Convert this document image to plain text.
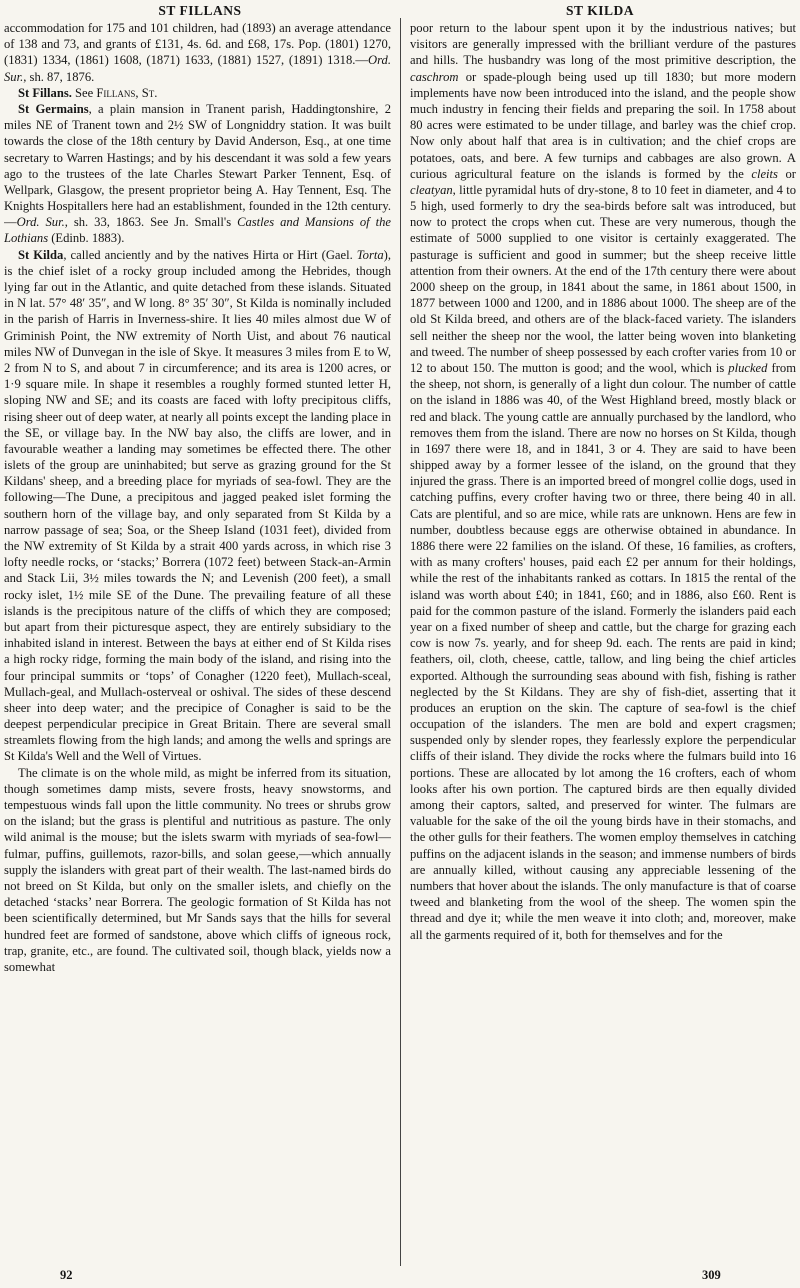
ST FILLANS	ST KILDA

accommodation for 175 and 101 children, had (1893) an average attendance of 138 and 73, and grants of £131, 4s. 6d. and £68, 17s. Pop. (1801) 1270, (1831) 1334, (1861) 1608, (1871) 1633, (1881) 1527, (1891) 1318.—Ord. Sur., sh. 87, 1876.

St Fillans. See Fillans, St.

St Germains, a plain mansion in Tranent parish, Haddingtonshire, 2 miles NE of Tranent town and 2½ SW of Longniddry station. It was built towards the close of the 18th century by David Anderson, Esq., at one time secretary to Warren Hastings; and by his descendant it was sold a few years ago to the trustees of the late Charles Stewart Parker Tennent, Esq. of Wellpark, Glasgow, the present proprietor being A. Hay Tennent, Esq. The Knights Hospitallers here had an establishment, founded in the 12th century.—Ord. Sur., sh. 33, 1863. See Jn. Small's Castles and Mansions of the Lothians (Edinb. 1883).

St Kilda, called anciently and by the natives Hirta or Hirt (Gael. Torta), is the chief islet of a rocky group included among the Hebrides, though lying far out in the Atlantic, and quite detached from these islands. Situated in N lat. 57° 48′ 35″, and W long. 8° 35′ 30″, St Kilda is nominally included in the parish of Harris in Inverness-shire. It lies 40 miles almost due W of Griminish Point, the NW extremity of North Uist, and about 76 nautical miles NW of Dunvegan in the isle of Skye. It measures 3 miles from E to W, 2 from N to S, and about 7 in circumference; and its area is 1200 acres, or 1·9 square mile. In shape it resembles a roughly formed stunted letter H, sloping NW and SE; and its coasts are faced with lofty precipitous cliffs, rising sheer out of deep water, at nearly all points except the landing place in the SE, or village bay. In the NW bay also, the cliffs are lower, and in favourable weather a landing may sometimes be effected there. The other islets of the group are uninhabited; but serve as grazing ground for the St Kildans' sheep, and a breeding place for myriads of sea-fowl. They are the following—The Dune, a precipitous and jagged peaked islet forming the southern horn of the village bay, and only separated from St Kilda by a narrow passage of sea; Soa, or the Sheep Island (1031 feet), divided from the NW extremity of St Kilda by a strait 400 yards across, in which rise 3 lofty needle rocks, or ‘stacks;’ Borrera (1072 feet) between Stack-an-Armin and Stack Lii, 3½ miles towards the N; and Levenish (200 feet), a small rocky islet, 1½ mile SE of the Dune. The prevailing feature of all these islands is the precipitous nature of the cliffs of which they are composed; but apart from their picturesque aspect, they are entirely subsidiary to the inhabited island in interest. Between the bays at either end of St Kilda rises a high rocky ridge, forming the main body of the island, and rising into the four principal summits or ‘tops’ of Conagher (1220 feet), Mullach-sceal, Mullach-geal, and Mullach-osterveal or oshival. The sides of these descend sheer into deep water; and the precipice of Conagher is said to be the deepest perpendicular precipice in Great Britain. There are several small streamlets flowing from the high lands; and among the wells and springs are St Kilda's Well and the Well of Virtues.

The climate is on the whole mild, as might be inferred from its situation, though sometimes damp mists, severe frosts, heavy snowstorms, and tempestuous winds fall upon the little community. No trees or shrubs grow on the island; but the grass is plentiful and nutritious as pasture. The only wild animal is the mouse; but the islets swarm with myriads of sea-fowl—fulmar, puffins, guillemots, razor-bills, and solan geese,—which annually supply the islanders with great part of their wealth. The last-named birds do not breed on St Kilda, but only on the smaller islets, and chiefly on the detached ‘stacks’ near Borrera. The geologic formation of St Kilda has not been scientifically determined, but Mr Sands says that the hills for several hundred feet are formed of sandstone, above which cliffs of igneous rock, trap, granite, etc., are found. The cultivated soil, though black, yields now a somewhat

poor return to the labour spent upon it by the industrious natives; but visitors are generally impressed with the brilliant verdure of the pastures and hills. The husbandry was long of the most primitive description, the caschrom or spade-plough being used up till 1830; but more modern implements have now been introduced into the island, and the people show much industry in fencing their fields and preparing the soil. In 1758 about 80 acres were estimated to be under tillage, and barley was the chief crop. Now only about half that area is in cultivation; and the chief crops are potatoes, oats, and bere. A few turnips and cabbages are also grown. A curious agricultural feature on the islands is formed by the cleits or cleatyan, little pyramidal huts of dry-stone, 8 to 10 feet in diameter, and 4 to 5 high, used formerly to dry the sea-birds before salt was introduced, but now to protect the crops when cut. These are very numerous, though the estimate of 5000 supplied to one visitor is certainly exaggerated. The pasturage is sufficient and good in summer; but the sheep receive little attention from their owners. At the end of the 17th century there were about 2000 sheep on the group, in 1841 about the same, in 1861 about 1500, in 1877 between 1000 and 1200, and in 1886 about 1000. The sheep are of the old St Kilda breed, and others are of the black-faced variety. The islanders sell neither the sheep nor the wool, the latter being woven into blanketing and tweed. The number of sheep possessed by each crofter varies from 10 or 12 to about 150. The mutton is good; and the wool, which is plucked from the sheep, not shorn, is generally of a light dun colour. The number of cattle on the island in 1886 was 40, of the West Highland breed, mostly black or red and black. The young cattle are annually purchased by the landlord, who removes them from the island. There are now no horses on St Kilda, though in 1697 there were 18, and in 1841, 3 or 4. They are said to have been shipped away by a former lessee of the island, on the ground that they injured the grass. There is an imported breed of mongrel collie dogs, used in catching puffins, every crofter having two or three, there being 40 in all. Cats are plentiful, and so are mice, while rats are unknown. Hens are few in number, doubtless because eggs are otherwise obtained in abundance. In 1886 there were 22 families on the island. Of these, 16 families, as crofters, with as many crofters' houses, paid each £2 per annum for their holdings, while the rest of the inhabitants ranked as cottars. In 1815 the rental of the island was worth about £40; in 1841, £60; and in 1886, also £60. Rent is paid for the common pasture of the island. Formerly the islanders paid each year on a fixed number of sheep and cattle, but the charge for grazing each cow is now 7s. yearly, and for sheep 9d. each. The rents are paid in kind; feathers, oil, cloth, cheese, cattle, tallow, and ling being the chief articles exported. Although the surrounding seas abound with fish, fishing is rather neglected by the St Kildans. They are shy of fish-diet, asserting that it produces an eruption on the skin. The capture of sea-fowl is the chief occupation of the islanders. The men are bold and expert cragsmen; suspended only by slender ropes, they fearlessly explore the perpendicular cliffs of their island. They divide the rocks where the fulmars build into 16 portions. These are allocated by lot among the 16 crofters, each of whom looks after his own portion. The captured birds are then equally divided among their captors, salted, and preserved for winter. The fulmars are valuable for the sake of the oil the young birds have in their stomachs, and the other gulls for their feathers. The women employ themselves in catching puffins on the adjacent islands in the season; and immense numbers of birds are annually killed, without causing any appreciable lessening of the numbers that hover about the islands. The only manufacture is that of coarse tweed and blanketing from the wool of the sheep. The women spin the thread and dye it; while the men weave it into cloth; and, moreover, make all the garments required of it, both for themselves and for the

92	309
